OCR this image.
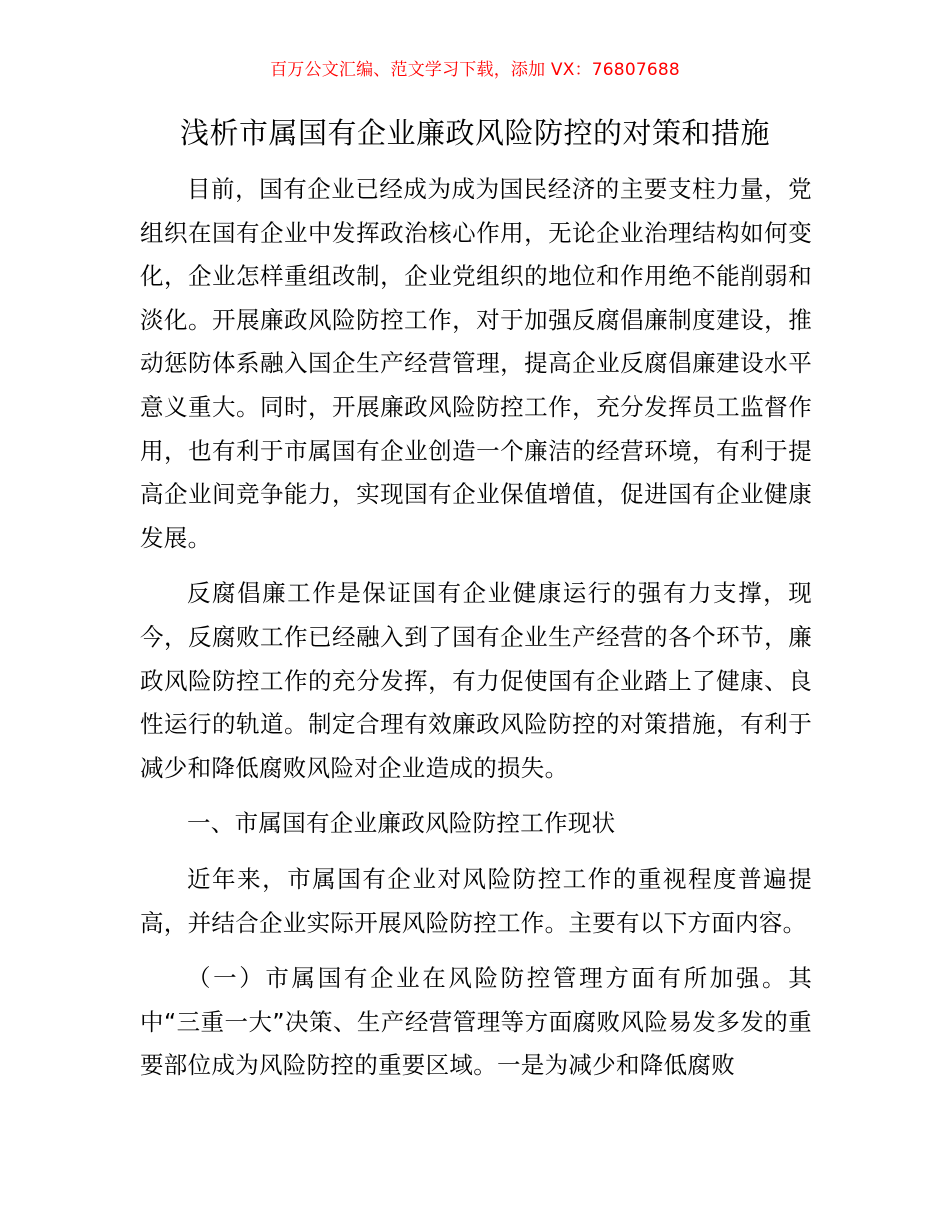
百万公文汇编、范文学习下载，添加 VX：76807688
浅析市属国有企业廉政风险防控的对策和措施

目前，国有企业已经成为成为国民经济的主要支柱力量，党组织在国有企业中发挥政治核心作用，无论企业治理结构如何变化，企业怎样重组改制，企业党组织的地位和作用绝不能削弱和淡化。开展廉政风险防控工作，对于加强反腐倡廉制度建设，推动惩防体系融入国企生产经营管理，提高企业反腐倡廉建设水平意义重大。同时，开展廉政风险防控工作，充分发挥员工监督作用，也有利于市属国有企业创造一个廉洁的经营环境，有利于提高企业间竞争能力，实现国有企业保值增值，促进国有企业健康发展。

反腐倡廉工作是保证国有企业健康运行的强有力支撑，现今，反腐败工作已经融入到了国有企业生产经营的各个环节，廉政风险防控工作的充分发挥，有力促使国有企业踏上了健康、良性运行的轨道。制定合理有效廉政风险防控的对策措施，有利于减少和降低腐败风险对企业造成的损失。

一、市属国有企业廉政风险防控工作现状

近年来，市属国有企业对风险防控工作的重视程度普遍提高，并结合企业实际开展风险防控工作。主要有以下方面内容。

（一）市属国有企业在风险防控管理方面有所加强。其中“三重一大”决策、生产经营管理等方面腐败风险易发多发的重要部位成为风险防控的重要区域。一是为减少和降低腐败
